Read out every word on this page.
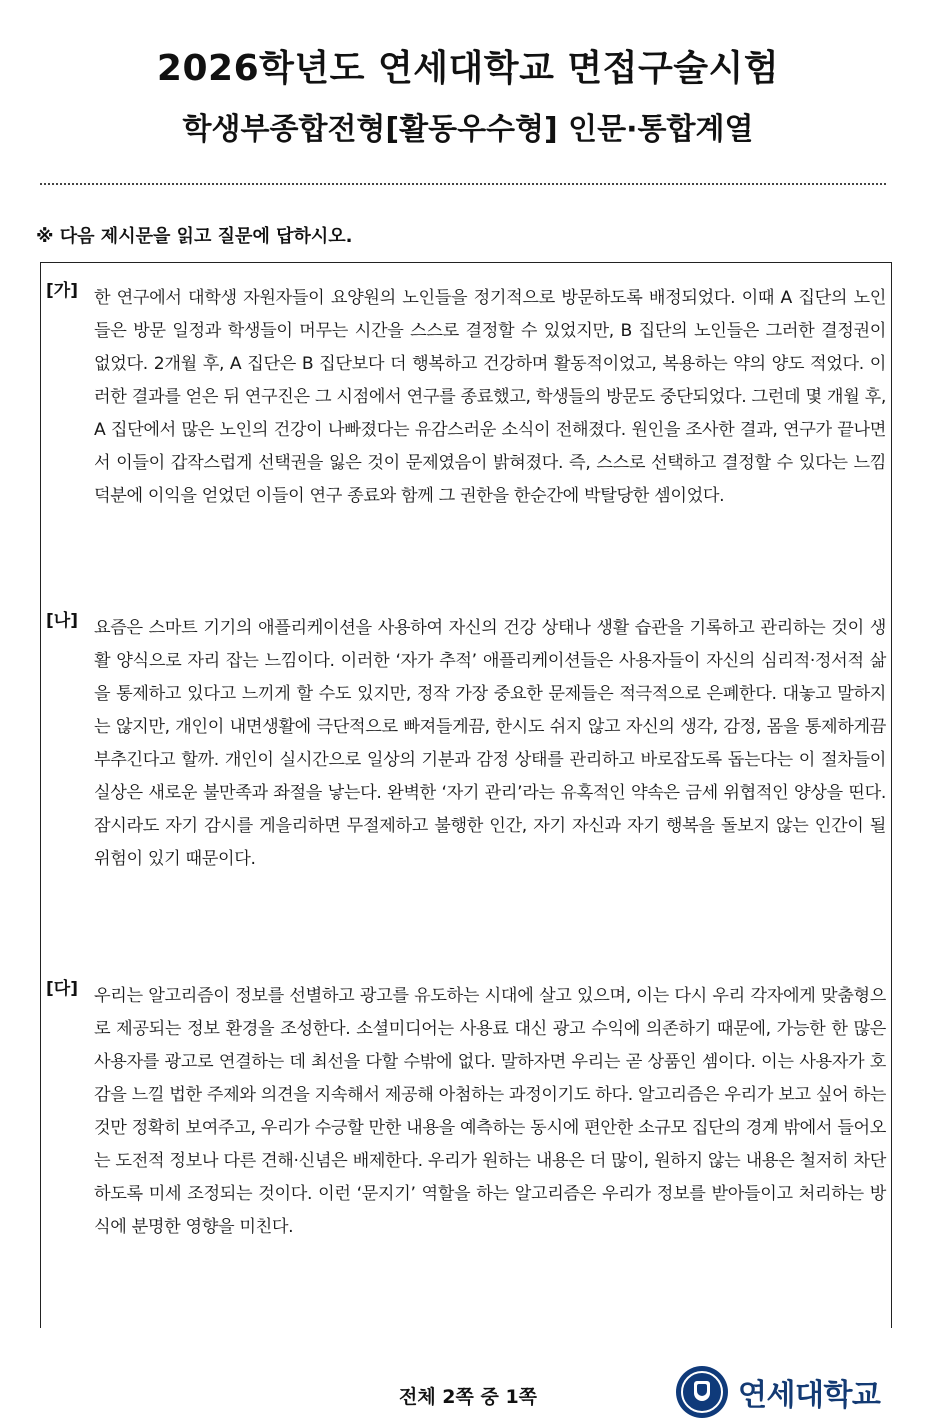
2026학년도 연세대학교 면접구술시험
학생부종합전형[활동우수형] 인문·통합계열
※ 다음 제시문을 읽고 질문에 답하시오.
[가] 한 연구에서 대학생 자원자들이 요양원의 노인들을 정기적으로 방문하도록 배정되었다. 이때 A 집단의 노인들은 방문 일정과 학생들이 머무는 시간을 스스로 결정할 수 있었지만, B 집단의 노인들은 그러한 결정권이 없었다. 2개월 후, A 집단은 B 집단보다 더 행복하고 건강하며 활동적이었고, 복용하는 약의 양도 적었다. 이러한 결과를 얻은 뒤 연구진은 그 시점에서 연구를 종료했고, 학생들의 방문도 중단되었다. 그런데 몇 개월 후, A 집단에서 많은 노인의 건강이 나빠졌다는 유감스러운 소식이 전해졌다. 원인을 조사한 결과, 연구가 끝나면서 이들이 갑작스럽게 선택권을 잃은 것이 문제였음이 밝혀졌다. 즉, 스스로 선택하고 결정할 수 있다는 느낌 덕분에 이익을 얻었던 이들이 연구 종료와 함께 그 권한을 한순간에 박탈당한 셈이었다.
[나] 요즘은 스마트 기기의 애플리케이션을 사용하여 자신의 건강 상태나 생활 습관을 기록하고 관리하는 것이 생활 양식으로 자리 잡는 느낌이다. 이러한 ‘자가 추적’ 애플리케이션들은 사용자들이 자신의 심리적·정서적 삶을 통제하고 있다고 느끼게 할 수도 있지만, 정작 가장 중요한 문제들은 적극적으로 은폐한다. 대놓고 말하지는 않지만, 개인이 내면생활에 극단적으로 빠져들게끔, 한시도 쉬지 않고 자신의 생각, 감정, 몸을 통제하게끔 부추긴다고 할까. 개인이 실시간으로 일상의 기분과 감정 상태를 관리하고 바로잡도록 돕는다는 이 절차들이 실상은 새로운 불만족과 좌절을 낳는다. 완벽한 ‘자기 관리’라는 유혹적인 약속은 금세 위협적인 양상을 띤다. 잠시라도 자기 감시를 게을리하면 무절제하고 불행한 인간, 자기 자신과 자기 행복을 돌보지 않는 인간이 될 위험이 있기 때문이다.
[다] 우리는 알고리즘이 정보를 선별하고 광고를 유도하는 시대에 살고 있으며, 이는 다시 우리 각자에게 맞춤형으로 제공되는 정보 환경을 조성한다. 소셜미디어는 사용료 대신 광고 수익에 의존하기 때문에, 가능한 한 많은 사용자를 광고로 연결하는 데 최선을 다할 수밖에 없다. 말하자면 우리는 곧 상품인 셈이다. 이는 사용자가 호감을 느낄 법한 주제와 의견을 지속해서 제공해 아첨하는 과정이기도 하다. 알고리즘은 우리가 보고 싶어 하는 것만 정확히 보여주고, 우리가 수긍할 만한 내용을 예측하는 동시에 편안한 소규모 집단의 경계 밖에서 들어오는 도전적 정보나 다른 견해·신념은 배제한다. 우리가 원하는 내용은 더 많이, 원하지 않는 내용은 철저히 차단하도록 미세 조정되는 것이다. 이런 ‘문지기’ 역할을 하는 알고리즘은 우리가 정보를 받아들이고 처리하는 방식에 분명한 영향을 미친다.
전체 2쪽 중 1쪽	연세대학교
